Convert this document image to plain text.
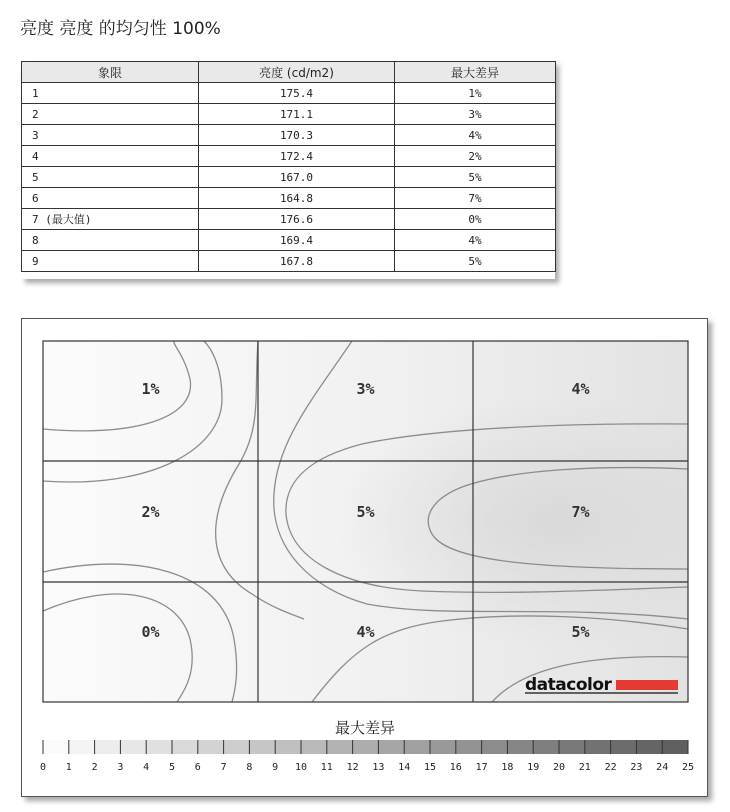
亮度 亮度 的均匀性 100%
象限	亮度 (cd/m2)	最大差异
1	175.4	1%
2	171.1	3%
3	170.3	4%
4	172.4	2%
5	167.0	5%
6	164.8	7%
7 (最大值)	176.6	0%
8	169.4	4%
9	167.8	5%
1%	3%	4%
2%	5%	7%
0%	4%	5%
datacolor
最大差异
0 1 2 3 4 5 6 7 8 9 10 11 12 13 14 15 16 17 18 19 20 21 22 23 24 25
